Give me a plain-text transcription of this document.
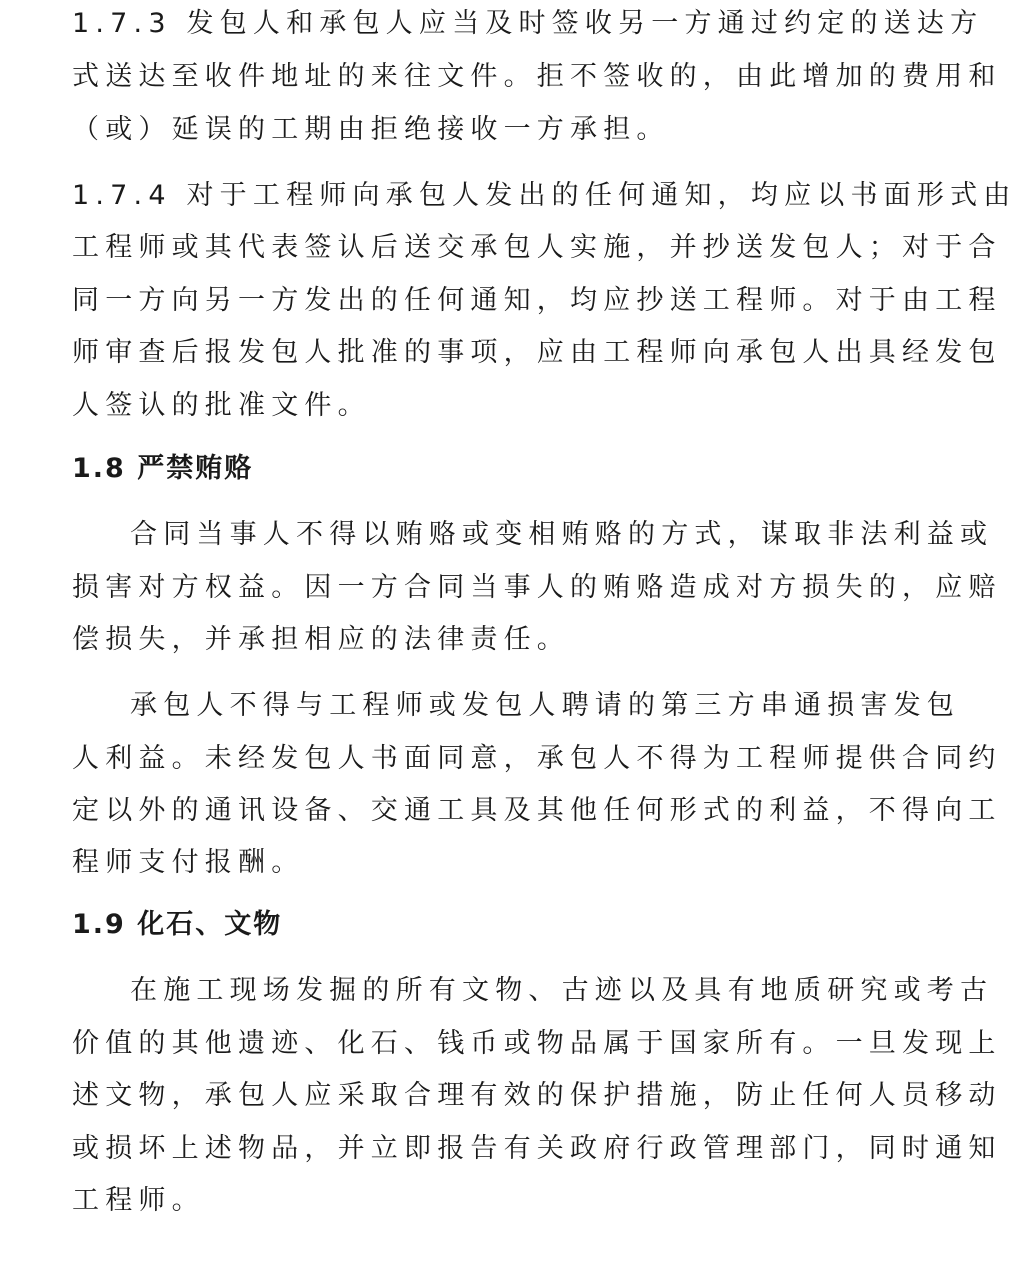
1.7.3 发包人和承包人应当及时签收另一方通过约定的送达方
式送达至收件地址的来往文件。拒不签收的，由此增加的费用和
（或）延误的工期由拒绝接收一方承担。
1.7.4 对于工程师向承包人发出的任何通知，均应以书面形式由
工程师或其代表签认后送交承包人实施，并抄送发包人；对于合
同一方向另一方发出的任何通知，均应抄送工程师。对于由工程
师审查后报发包人批准的事项，应由工程师向承包人出具经发包
人签认的批准文件。
1.8 严禁贿赂
合同当事人不得以贿赂或变相贿赂的方式，谋取非法利益或
损害对方权益。因一方合同当事人的贿赂造成对方损失的，应赔
偿损失，并承担相应的法律责任。
承包人不得与工程师或发包人聘请的第三方串通损害发包
人利益。未经发包人书面同意，承包人不得为工程师提供合同约
定以外的通讯设备、交通工具及其他任何形式的利益，不得向工
程师支付报酬。
1.9 化石、文物
在施工现场发掘的所有文物、古迹以及具有地质研究或考古
价值的其他遗迹、化石、钱币或物品属于国家所有。一旦发现上
述文物，承包人应采取合理有效的保护措施，防止任何人员移动
或损坏上述物品，并立即报告有关政府行政管理部门，同时通知
工程师。
